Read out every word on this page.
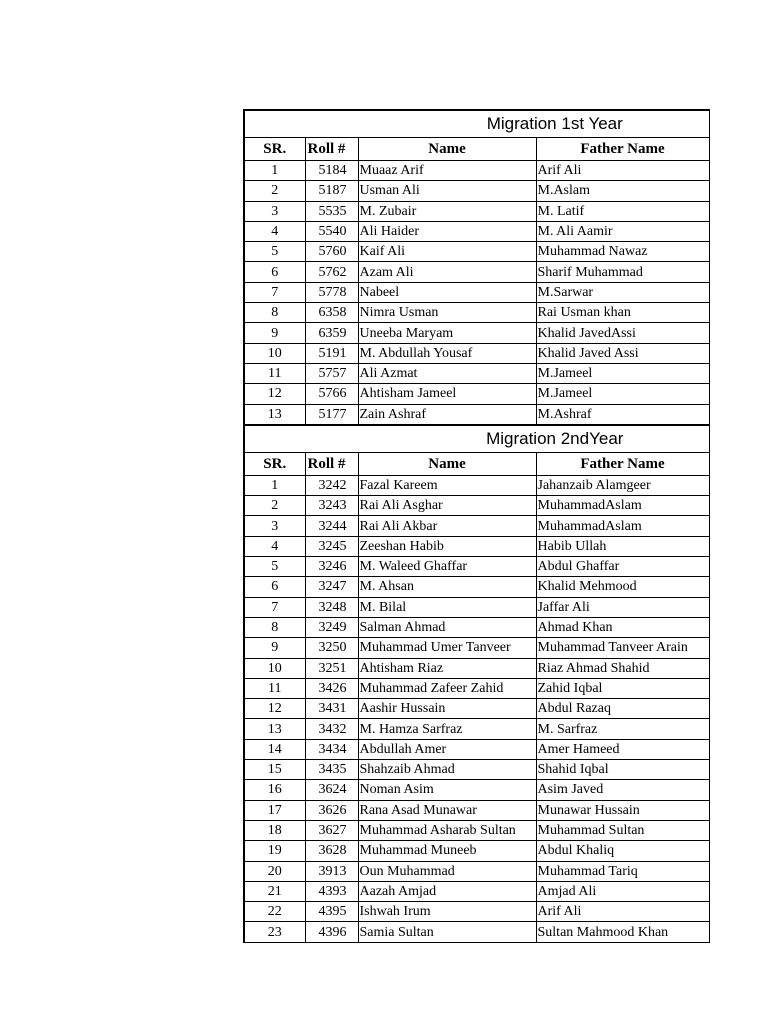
Migration 1st Year			
SR.	Roll #	Name	Father Name
1	5184	Muaaz Arif	Arif Ali
2	5187	Usman Ali	M.Aslam
3	5535	M. Zubair	M. Latif
4	5540	Ali Haider	M. Ali Aamir
5	5760	Kaif Ali	Muhammad Nawaz
6	5762	Azam Ali	Sharif Muhammad
7	5778	Nabeel	M.Sarwar
8	6358	Nimra Usman	Rai Usman khan
9	6359	Uneeba Maryam	Khalid JavedAssi
10	5191	M. Abdullah Yousaf	Khalid Javed Assi
11	5757	Ali Azmat	M.Jameel
12	5766	Ahtisham Jameel	M.Jameel
13	5177	Zain Ashraf	M.Ashraf
Migration 2ndYear			
SR.	Roll #	Name	Father Name
1	3242	Fazal Kareem	Jahanzaib Alamgeer
2	3243	Rai Ali Asghar	MuhammadAslam
3	3244	Rai Ali Akbar	MuhammadAslam
4	3245	Zeeshan Habib	Habib Ullah
5	3246	M. Waleed Ghaffar	Abdul Ghaffar
6	3247	M. Ahsan	Khalid Mehmood
7	3248	M. Bilal	Jaffar Ali
8	3249	Salman Ahmad	Ahmad Khan
9	3250	Muhammad Umer Tanveer	Muhammad Tanveer Arain
10	3251	Ahtisham Riaz	Riaz Ahmad Shahid
11	3426	Muhammad Zafeer Zahid	Zahid Iqbal
12	3431	Aashir Hussain	Abdul Razaq
13	3432	M. Hamza Sarfraz	M. Sarfraz
14	3434	Abdullah Amer	Amer Hameed
15	3435	Shahzaib Ahmad	Shahid Iqbal
16	3624	Noman Asim	Asim Javed
17	3626	Rana Asad Munawar	Munawar Hussain
18	3627	Muhammad Asharab Sultan	Muhammad Sultan
19	3628	Muhammad Muneeb	Abdul Khaliq
20	3913	Oun Muhammad	Muhammad Tariq
21	4393	Aazah Amjad	Amjad Ali
22	4395	Ishwah Irum	Arif Ali
23	4396	Samia Sultan	Sultan Mahmood Khan
